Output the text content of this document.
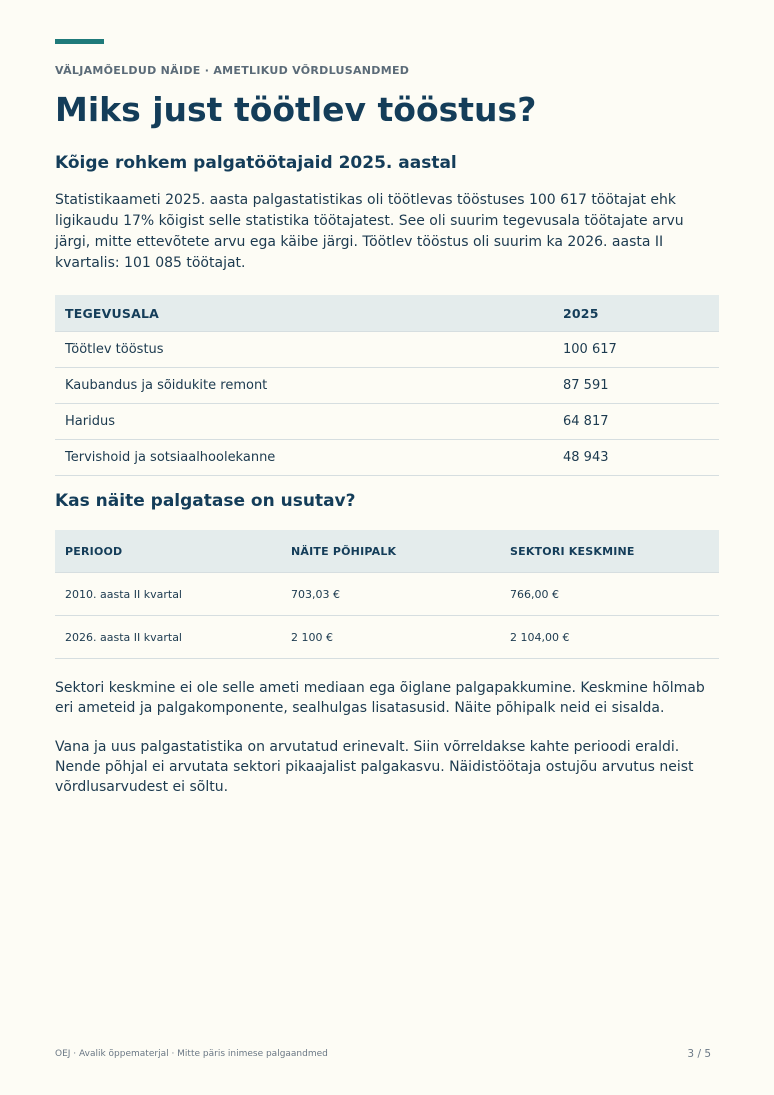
VÄLJAMÕELDUD NÄIDE · AMETLIKUD VÕRDLUSANDMED
Miks just töötlev tööstus?
Kõige rohkem palgatöötajaid 2025. aastal

Statistikaameti 2025. aasta palgastatistikas oli töötlevas tööstuses 100 617 töötajat ehk ligikaudu 17% kõigist selle statistika töötajatest. See oli suurim tegevusala töötajate arvu järgi, mitte ettevõtete arvu ega käibe järgi. Töötlev tööstus oli suurim ka 2026. aasta II kvartalis: 101 085 töötajat.

TEGEVUSALA	2025
Töötlev tööstus	100 617
Kaubandus ja sõidukite remont	87 591
Haridus	64 817
Tervishoid ja sotsiaalhoolekanne	48 943
Kas näite palgatase on usutav?
PERIOOD	NÄITE PÕHIPALK	SEKTORI KESKMINE
2010. aasta II kvartal	703,03 €	766,00 €
2026. aasta II kvartal	2 100 €	2 104,00 €

Sektori keskmine ei ole selle ameti mediaan ega õiglane palgapakkumine. Keskmine hõlmab eri ameteid ja palgakomponente, sealhulgas lisatasusid. Näite põhipalk neid ei sisalda.

Vana ja uus palgastatistika on arvutatud erinevalt. Siin võrreldakse kahte perioodi eraldi. Nende põhjal ei arvutata sektori pikaajalist palgakasvu. Näidistöötaja ostujõu arvutus neist võrdlusarvudest ei sõltu.

OEJ · Avalik õppematerjal · Mitte päris inimese palgaandmed	3 / 5
